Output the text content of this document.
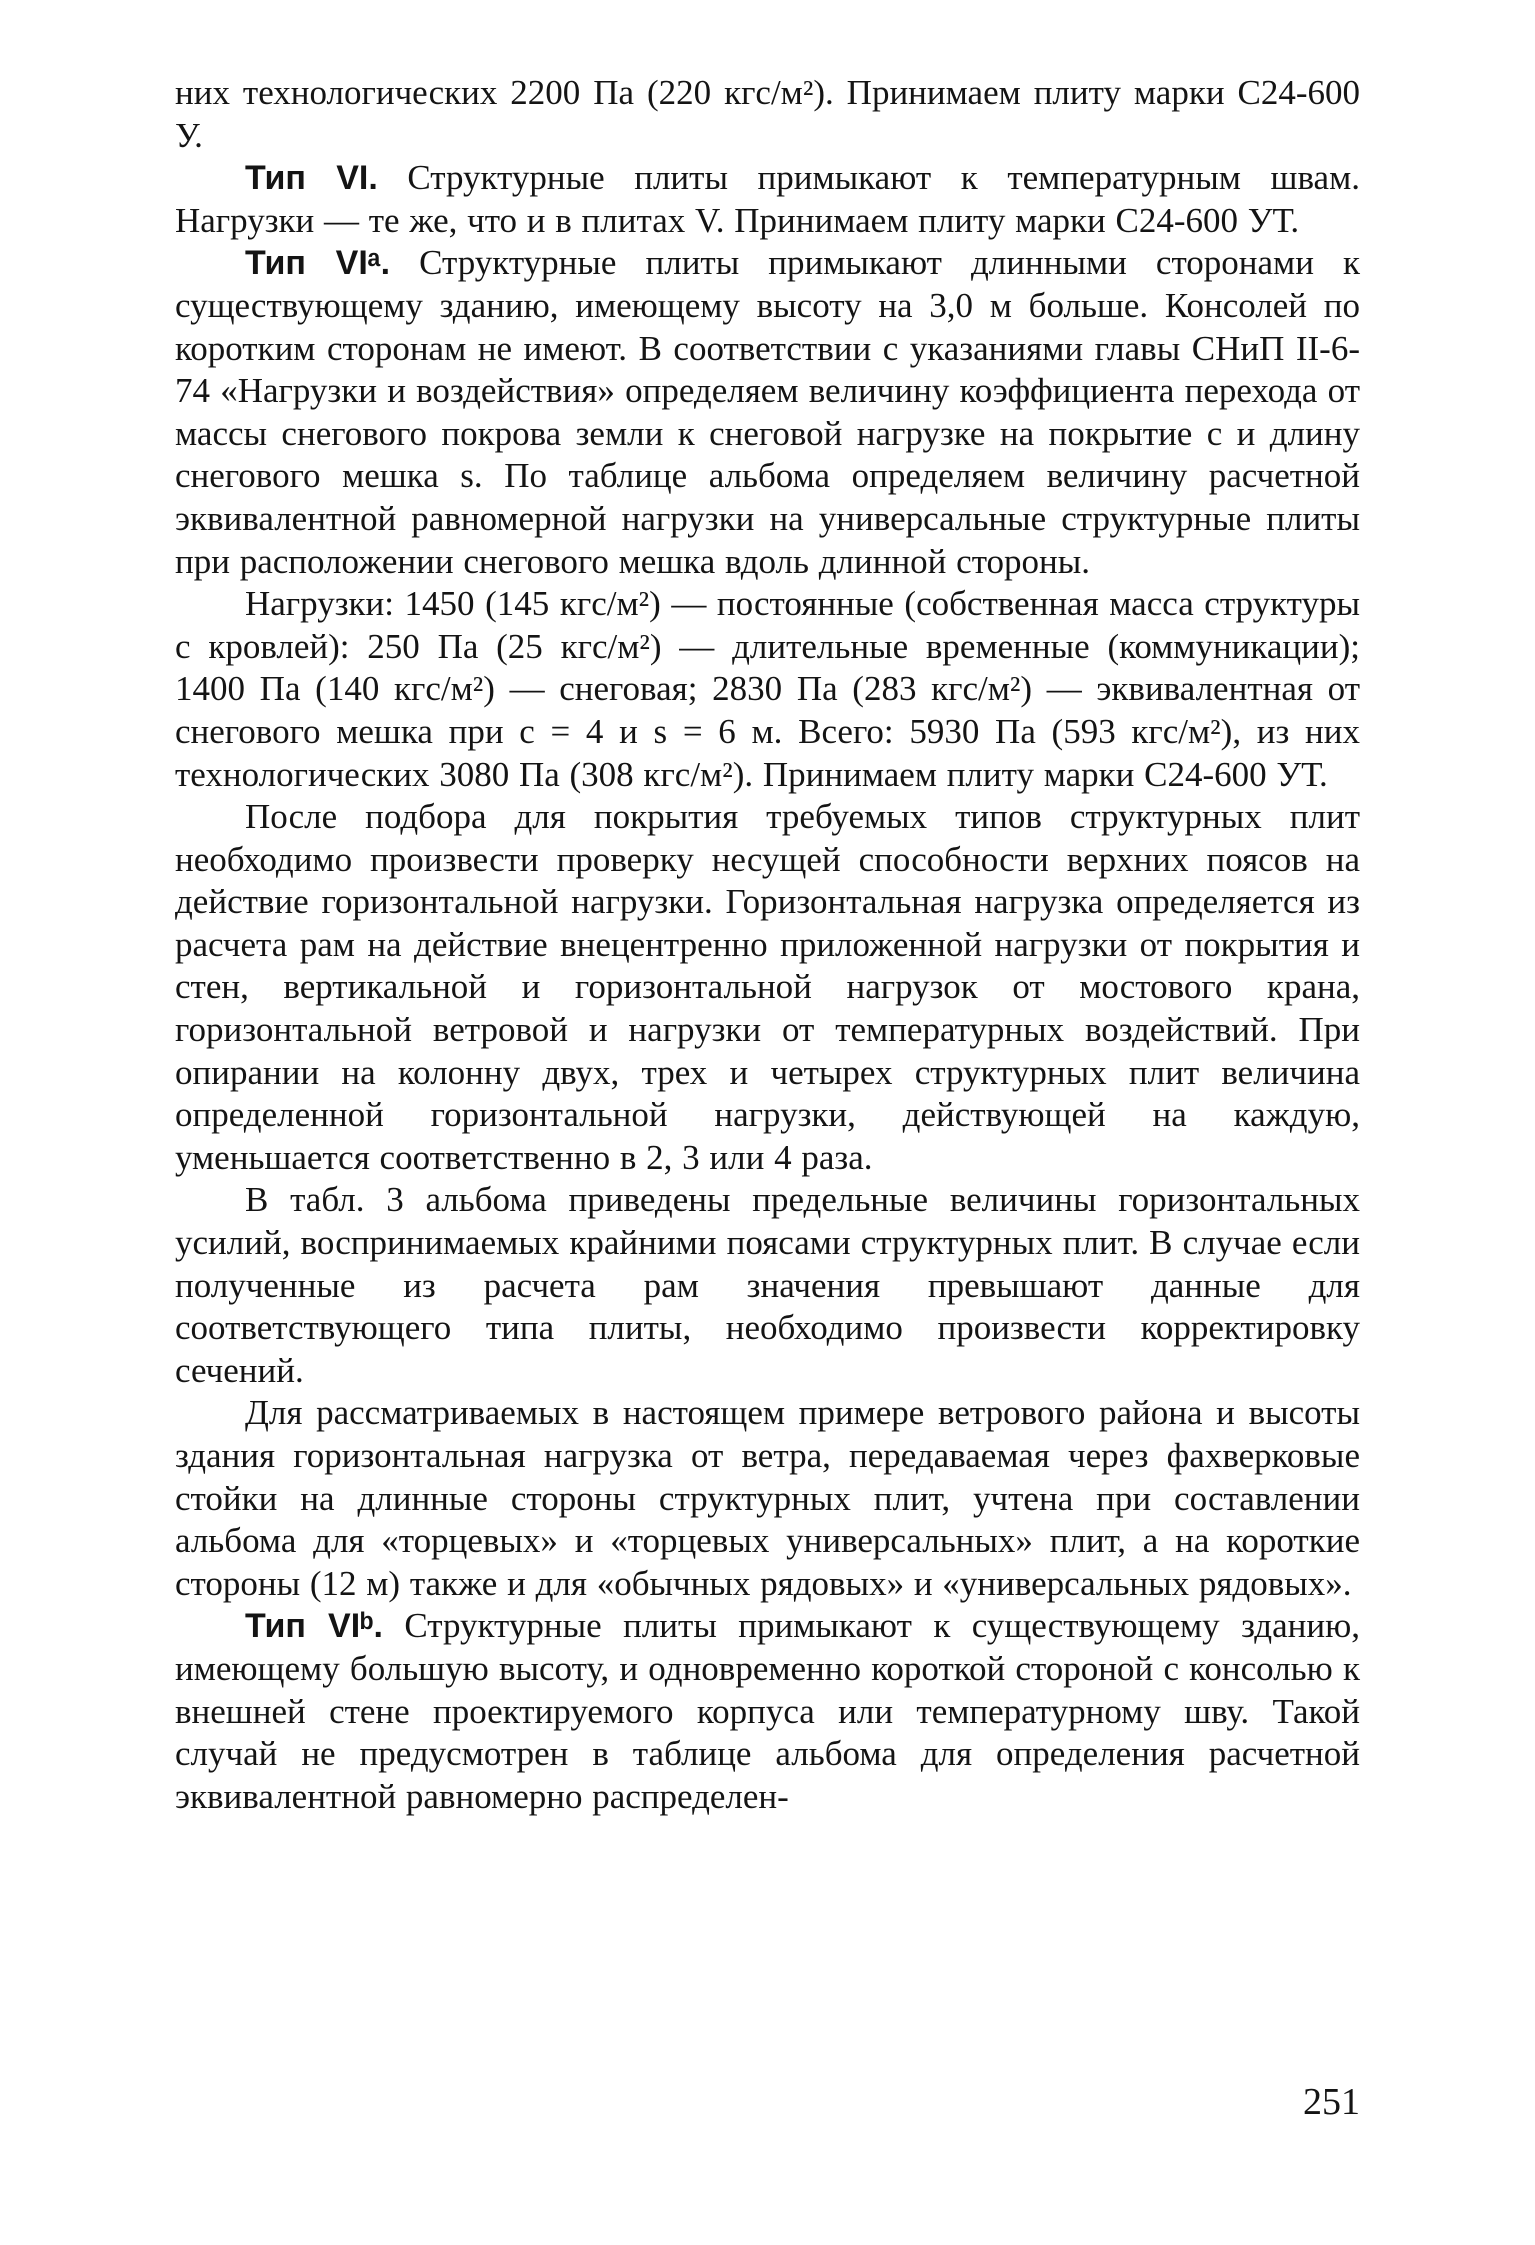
них технологических 2200 Па (220 кгс/м²). Принимаем плиту марки С24-600 У.

Тип VI. Структурные плиты примыкают к температурным швам. Нагрузки — те же, что и в плитах V. Принимаем плиту марки С24-600 УТ.

Тип VIᵃ. Структурные плиты примыкают длинными сторонами к существующему зданию, имеющему высоту на 3,0 м больше. Консолей по коротким сторонам не имеют. В соответствии с указаниями главы СНиП II-6-74 «Нагрузки и воздействия» определяем величину коэффициента перехода от массы снегового покрова земли к снеговой нагрузке на покрытие c и длину снегового мешка s. По таблице альбома определяем величину расчетной эквивалентной равномерной нагрузки на универсальные структурные плиты при расположении снегового мешка вдоль длинной стороны.

Нагрузки: 1450 (145 кгс/м²) — постоянные (собственная масса структуры с кровлей): 250 Па (25 кгс/м²) — длительные временные (коммуникации); 1400 Па (140 кгс/м²) — снеговая; 2830 Па (283 кгс/м²) — эквивалентная от снегового мешка при c = 4 и s = 6 м. Всего: 5930 Па (593 кгс/м²), из них технологических 3080 Па (308 кгс/м²). Принимаем плиту марки С24-600 УТ.

После подбора для покрытия требуемых типов структурных плит необходимо произвести проверку несущей способности верхних поясов на действие горизонтальной нагрузки. Горизонтальная нагрузка определяется из расчета рам на действие внецентренно приложенной нагрузки от покрытия и стен, вертикальной и горизонтальной нагрузок от мостового крана, горизонтальной ветровой и нагрузки от температурных воздействий. При опирании на колонну двух, трех и четырех структурных плит величина определенной горизонтальной нагрузки, действующей на каждую, уменьшается соответственно в 2, 3 или 4 раза.

В табл. 3 альбома приведены предельные величины горизонтальных усилий, воспринимаемых крайними поясами структурных плит. В случае если полученные из расчета рам значения превышают данные для соответствующего типа плиты, необходимо произвести корректировку сечений.

Для рассматриваемых в настоящем примере ветрового района и высоты здания горизонтальная нагрузка от ветра, передаваемая через фахверковые стойки на длинные стороны структурных плит, учтена при составлении альбома для «торцевых» и «торцевых универсальных» плит, а на короткие стороны (12 м) также и для «обычных рядовых» и «универсальных рядовых».

Тип VIᵇ. Структурные плиты примыкают к существующему зданию, имеющему большую высоту, и одновременно короткой стороной с консолью к внешней стене проектируемого корпуса или температурному шву. Такой случай не предусмотрен в таблице альбома для определения расчетной эквивалентной равномерно распределен-

251
